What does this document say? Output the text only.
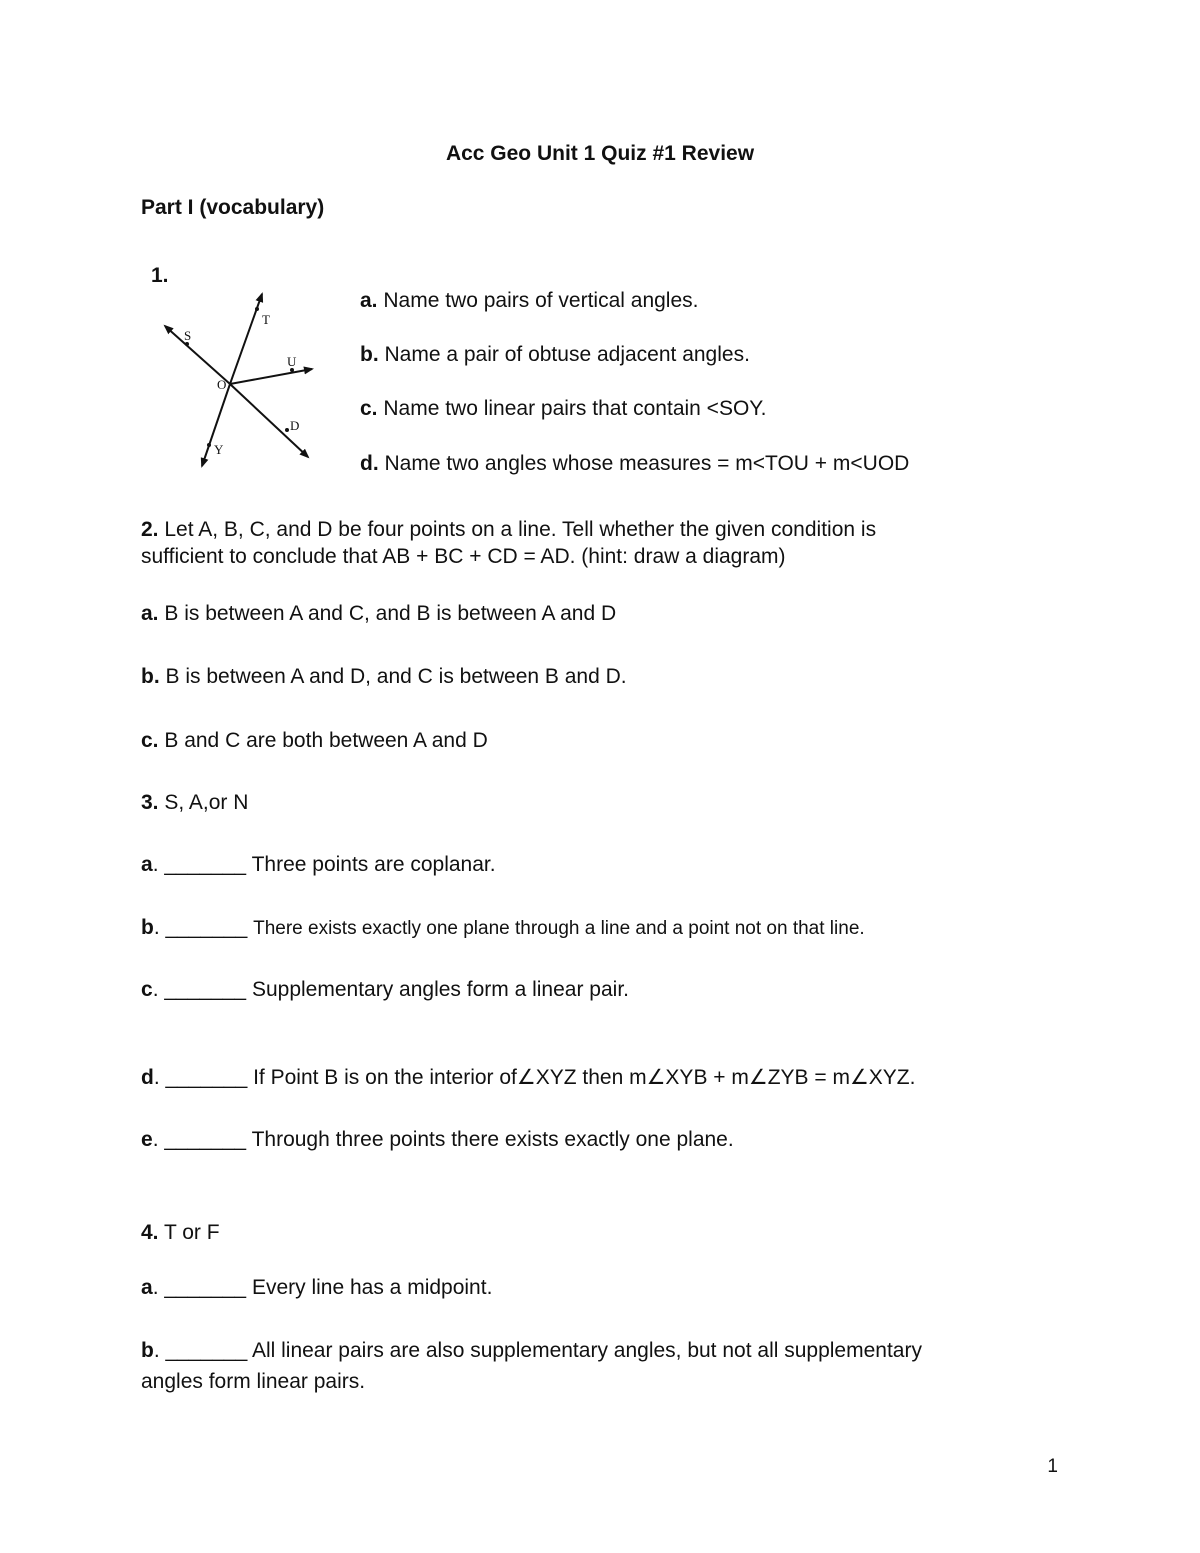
Acc Geo Unit 1 Quiz #1 Review
Part I (vocabulary)
1.
S
T
U
O
D
Y
a. Name two pairs of vertical angles.
b. Name a pair of obtuse adjacent angles.
c. Name two linear pairs that contain <SOY.
d. Name two angles whose measures = m<TOU + m<UOD
2. Let A, B, C, and D be four points on a line. Tell whether the given condition is
sufficient to conclude that AB + BC + CD = AD. (hint: draw a diagram)
a. B is between A and C, and B is between A and D
b. B is between A and D, and C is between B and D.
c. B and C are both between A and D
3. S, A,or N
a. _______ Three points are coplanar.
b. _______ There exists exactly one plane through a line and a point not on that line.
c. _______ Supplementary angles form a linear pair.
d. _______ If Point B is on the interior of∠XYZ then m∠XYB + m∠ZYB = m∠XYZ.
e. _______ Through three points there exists exactly one plane.
4. T or F
a. _______ Every line has a midpoint.
b. _______ All linear pairs are also supplementary angles, but not all supplementary
angles form linear pairs.
1
